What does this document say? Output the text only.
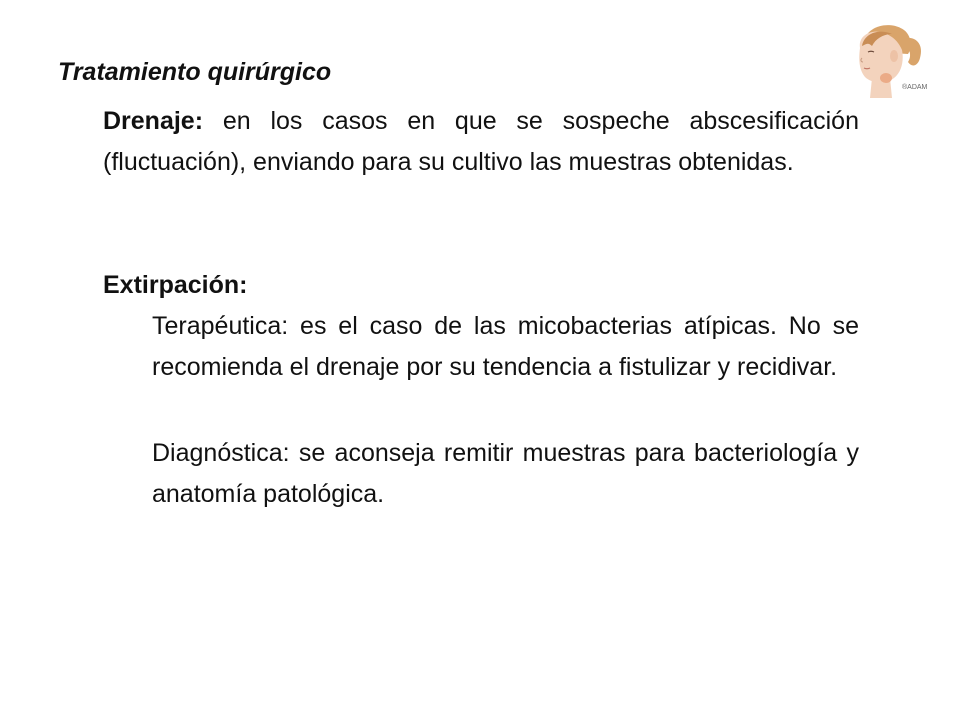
Tratamiento quirúrgico
Drenaje: en los casos en que se sospeche abscesificación (fluctuación), enviando para su cultivo las muestras obtenidas.
Extirpación:
Terapéutica: es el caso de las micobacterias atípicas. No se recomienda el drenaje por su tendencia a fistulizar y recidivar.
Diagnóstica: se aconseja remitir muestras para bacteriología y anatomía patológica.
®ADAM
